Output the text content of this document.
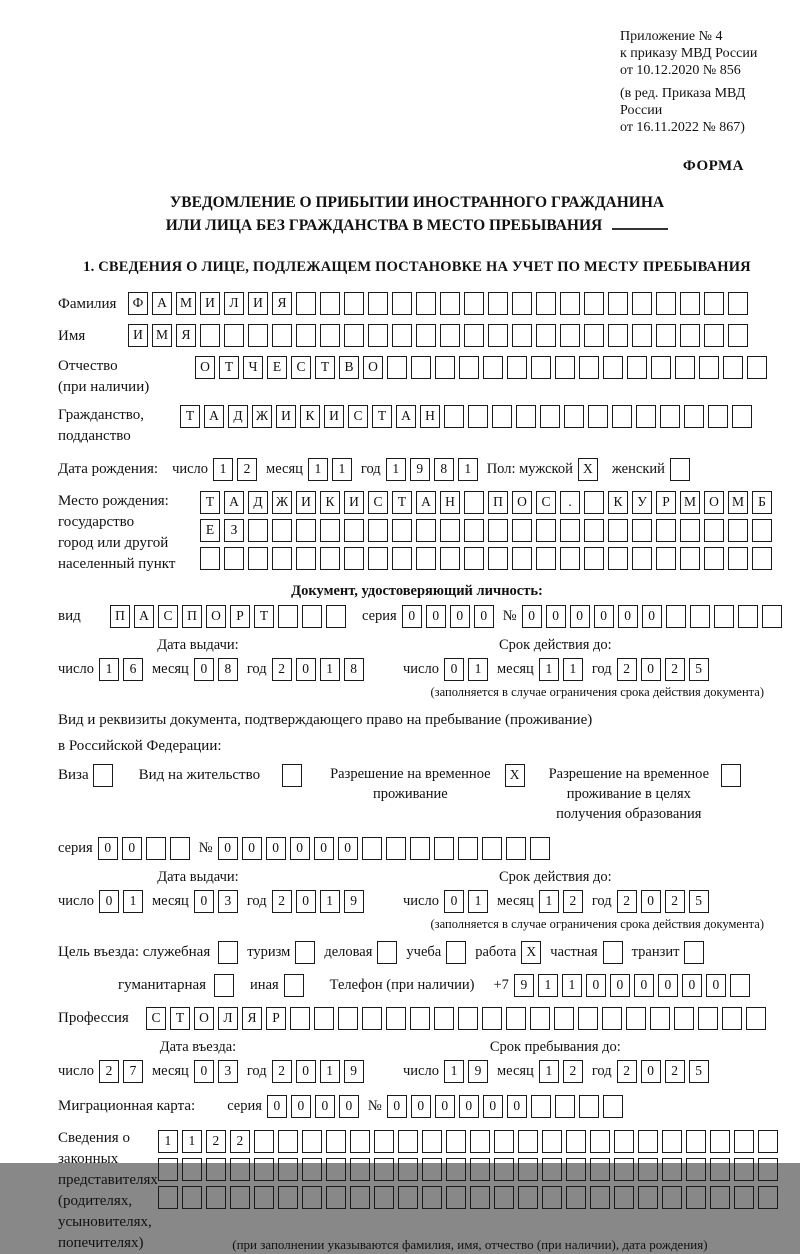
Приложение № 4
к приказу МВД России
от 10.12.2020 № 856
(в ред. Приказа МВД России
от 16.11.2022 № 867)
ФОРМА
УВЕДОМЛЕНИЕ О ПРИБЫТИИ ИНОСТРАННОГО ГРАЖДАНИНА
ИЛИ ЛИЦА БЕЗ ГРАЖДАНСТВА В МЕСТО ПРЕБЫВАНИЯ
1. СВЕДЕНИЯ О ЛИЦЕ, ПОДЛЕЖАЩЕМ ПОСТАНОВКЕ НА УЧЕТ ПО МЕСТУ ПРЕБЫВАНИЯ
Фамилия	Ф	А М И	Л	И	Я
Имя	И М Я
Отчество
(при наличии)
О	Т	Ч	Е	С	Т	В	О
Гражданство,
подданство
Т	А	Д Ж И	К	И	С	Т	А	Н
Дата рождения: число 1	2	месяц 1	1	год 1	9	8	1	Пол: мужской X	женский
Место рождения:
государство
город или другой
населенный пункт
Т	А	Д Ж И	К	И	С	Т	А	Н	П	О	С	.	К	У	Р	М О М	Б
Е	З
Документ, удостоверяющий личность:
вид	П	А	С	П	О	Р	Т	серия 0	0	0	0	№ 0	0	0	0	0	0
Дата выдачи:
число 1	6	месяц 0	8	год 2	0	1	8
Срок действия до:
число 0	1	месяц 1	1	год 2	0	2	5
(заполняется в случае ограничения срока действия документа)
Вид и реквизиты документа, подтверждающего право на пребывание (проживание)
в Российской Федерации:
Виза	Вид на жительство	Разрешение на временное
проживание
X	Разрешение на временное
проживание в целях
получения образования
серия 0	0	№ 0	0	0	0	0	0
Дата выдачи:
число 0	1	месяц 0	3	год 2	0	1	9
Срок действия до:
число 0	1	месяц 1	2	год 2	0	2	5
(заполняется в случае ограничения срока действия документа)
Цель въезда: служебная	туризм деловая учеба работа X частная транзит
гуманитарная	иная	Телефон (при наличии) +7 9	1	1	0	0	0	0	0	0
Профессия	С	Т	О	Л	Я	Р
Дата въезда:
число 2	7	месяц 0	3	год 2	0	1	9
Срок пребывания до:
число 1	9	месяц 1	2	год 2	0	2	5
Миграционная карта: серия 0	0	0	0	№ 0	0	0	0	0	0
Сведения о
законных
представителях
(родителях,
усыновителях,
попечителях)
1	1	2	2
(при заполнении указываются фамилия, имя, отчество (при наличии), дата рождения)
